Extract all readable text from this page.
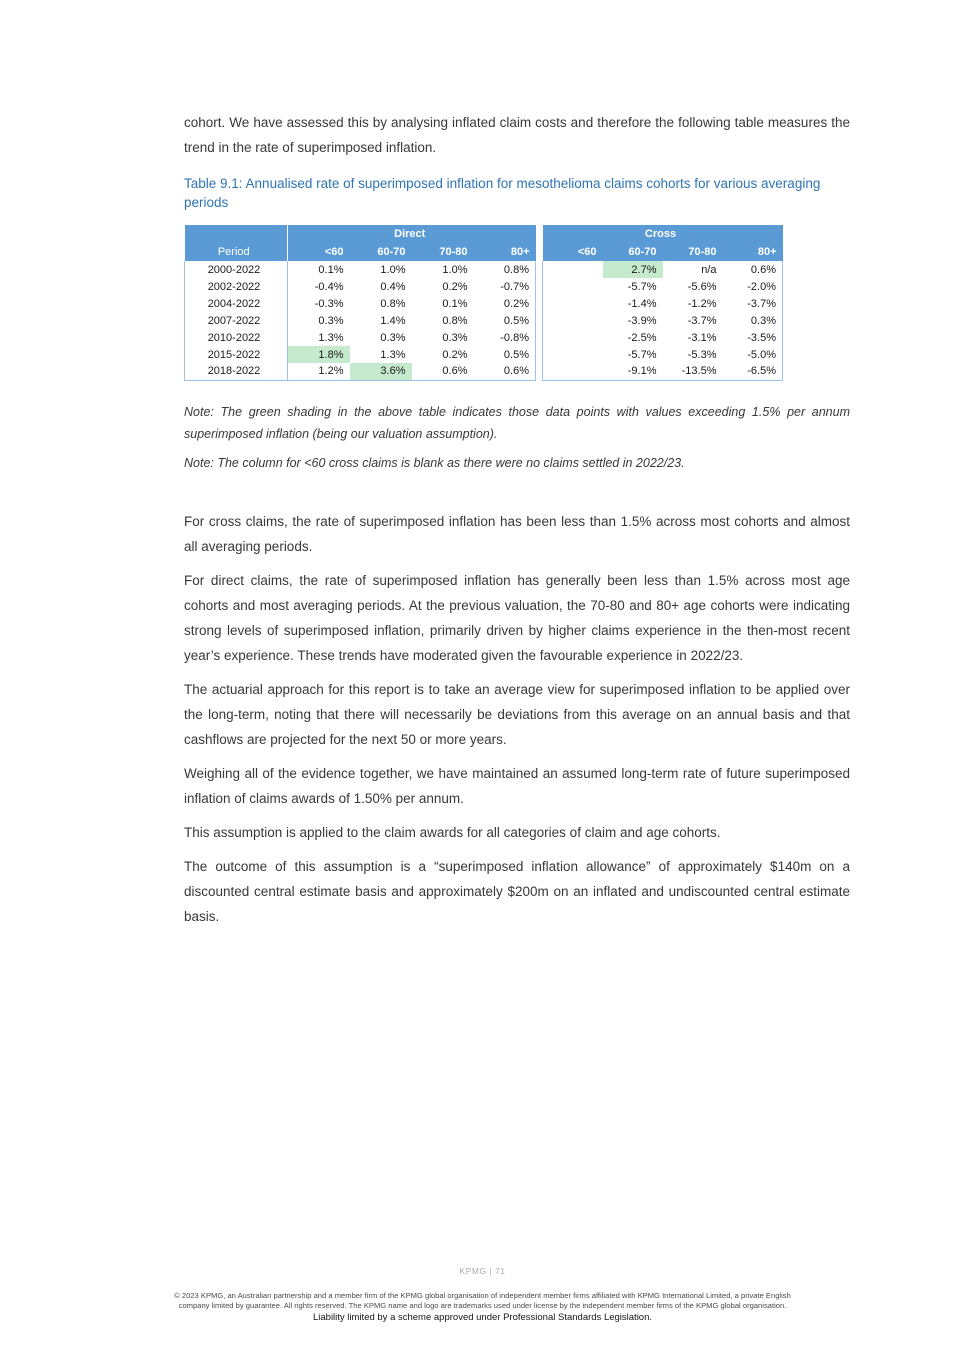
cohort. We have assessed this by analysing inflated claim costs and therefore the following table measures the trend in the rate of superimposed inflation.

Table 9.1: Annualised rate of superimposed inflation for mesothelioma claims cohorts for various averaging periods
	Direct					Cross			
Period	<60	60-70	70-80	80+		<60	60-70	70-80	80+
2000-2022	0.1%	1.0%	1.0%	0.8%			2.7%	n/a	0.6%
2002-2022	-0.4%	0.4%	0.2%	-0.7%			-5.7%	-5.6%	-2.0%
2004-2022	-0.3%	0.8%	0.1%	0.2%			-1.4%	-1.2%	-3.7%
2007-2022	0.3%	1.4%	0.8%	0.5%			-3.9%	-3.7%	0.3%
2010-2022	1.3%	0.3%	0.3%	-0.8%			-2.5%	-3.1%	-3.5%
2015-2022	1.8%	1.3%	0.2%	0.5%			-5.7%	-5.3%	-5.0%
2018-2022	1.2%	3.6%	0.6%	0.6%			-9.1%	-13.5%	-6.5%

Note: The green shading in the above table indicates those data points with values exceeding 1.5% per annum superimposed inflation (being our valuation assumption).

Note: The column for <60 cross claims is blank as there were no claims settled in 2022/23.

For cross claims, the rate of superimposed inflation has been less than 1.5% across most cohorts and almost all averaging periods.

For direct claims, the rate of superimposed inflation has generally been less than 1.5% across most age cohorts and most averaging periods. At the previous valuation, the 70-80 and 80+ age cohorts were indicating strong levels of superimposed inflation, primarily driven by higher claims experience in the then-most recent year’s experience. These trends have moderated given the favourable experience in 2022/23.

The actuarial approach for this report is to take an average view for superimposed inflation to be applied over the long-term, noting that there will necessarily be deviations from this average on an annual basis and that cashflows are projected for the next 50 or more years.

Weighing all of the evidence together, we have maintained an assumed long-term rate of future superimposed inflation of claims awards of 1.50% per annum.

This assumption is applied to the claim awards for all categories of claim and age cohorts.

The outcome of this assumption is a “superimposed inflation allowance” of approximately $140m on a discounted central estimate basis and approximately $200m on an inflated and undiscounted central estimate basis.

KPMG | 71
© 2023 KPMG, an Australian partnership and a member firm of the KPMG global organisation of independent member firms affiliated with KPMG International Limited, a private English
company limited by guarantee. All rights reserved. The KPMG name and logo are trademarks used under license by the independent member firms of the KPMG global organisation.
Liability limited by a scheme approved under Professional Standards Legislation.
